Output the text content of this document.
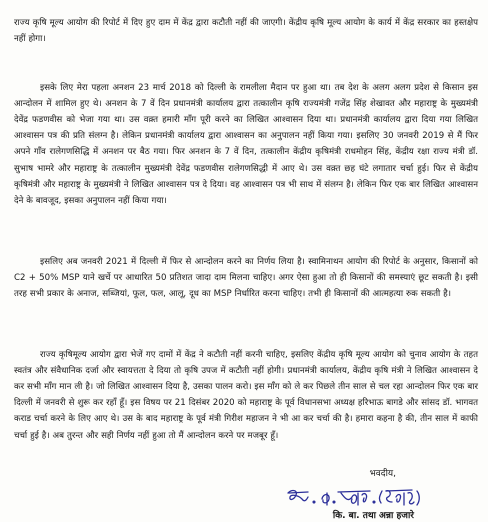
राज्य कृषि मूल्य आयोग की रिपोर्ट में दिए हुए दाम में केंद्र द्वारा कटौती नहीं की जाएगी। केंद्रीय कृषि मूल्य आयोग के कार्य में केंद्र सरकार का हस्तक्षेप नहीं होगा।

इसके लिए मेरा पहला अनशन 23 मार्च 2018 को दिल्ली के रामलीला मैदान पर हुआ था। तब देश के अलग अलग प्रदेश से किसान इस आन्दोलन में शामिल हुए थे। अनशन के 7 वें दिन प्रधानमंत्री कार्यालय द्वारा तत्कालीन कृषि राज्यमंत्री गजेंद्र सिंह शेखावत और महाराष्ट्र के मुख्यमंत्री देवेंद्र फडणवीस को भेजा गया था। उस वक़्त हमारी माँग पूरी करने का लिखित आश्वासन दिया था। प्रधानमंत्री कार्यालय द्वारा दिया गया लिखित आश्वासन पत्र की प्रति संलग्न है। लेकिन प्रधानमंत्री कार्यालय द्वारा आश्वासन का अनुपालन नहीं किया गया। इसलिए 30 जनवरी 2019 से मैं फिर अपने गाँव रालेगणसिद्धि में अनशन पर बैठ गया। फिर अनशन के 7 वें दिन, तत्कालीन केंद्रीय कृषिमंत्री राधमोहन सिंह, केंद्रीय रक्षा राज्य मंत्री डॉ. सुभाष भामरे और महाराष्ट्र के तत्कालीन मुख्यमंत्री देवेंद्र फडणवीस रालेगणसिद्धी में आए थे। उस वक़्त छह घंटे लगातार चर्चा हुई। फिर से केंद्रीय कृषिमंत्री और महाराष्ट्र के मुख्यमंत्री ने लिखित आश्वासन पत्र दे दिया। वह आश्वासन पत्र भी साथ में संलग्न है। लेकिन फिर एक बार लिखित आश्वासन देने के बावजूद, इसका अनुपालन नहीं किया गया।

इसलिए अब जनवरी 2021 में दिल्ली में फिर से आन्दोलन करने का निर्णय लिया है। स्वामिनाथन आयोग की रिपोर्ट के अनुसार, किसानों को C2 + 50% MSP याने खर्चे पर आधारित 50 प्रतिशत जादा दाम मिलना चाहिए। अगर ऐसा हुआ तो ही किसानों की समस्याएं छूट सकती है। इसी तरह सभी प्रकार के अनाज, सब्जियां, फूल, फल, आलू, दूध का MSP निर्धारित करना चाहिए। तभी ही किसानों की आत्महत्या रुक सकती है।

राज्य कृषिमूल्य आयोग द्वारा भेजें गए दामों में केंद्र ने कटौती नहीं करनी चाहिए, इसलिए केंद्रीय कृषि मूल्य आयोग को चुनाव आयोग के तहत स्वतंत्र और संवैधानिक दर्जा और स्वायत्तता दे दिया तो कृषि उपज में कटौती नहीं होगी। प्रधानमंत्री कार्यालय, केंद्रीय कृषि मंत्री ने लिखित आश्वासन दे कर सभी माँग मान ली है। जो लिखित आश्वासन दिया है, उसका पालन करो। इस माँग को ले कर पिछले तीन साल से चल रहा आन्दोलन फिर एक बार दिल्ली में जनवरी से शुरू कर रहाँ हूँ। इस विषय पर 21 दिसंबर 2020 को महाराष्ट्र के पूर्व विधानसभा अध्यक्ष हरिभाऊ बागडे और सांसद डॉ. भागवत कराड चर्चा करने के लिए आए थे। उस के बाद महाराष्ट्र के पूर्व मंत्री गिरीश महाजन ने भी आ कर चर्चा की है। हमारा कहना है की, तीन साल में काफी चर्चा हुई है। अब तुरन्त और सही निर्णय नहीं हुआ तो मैं आन्दोलन करने पर मजबूर हूँ।

भवदीय,
कि. बा. तथा अन्ना हजारे
